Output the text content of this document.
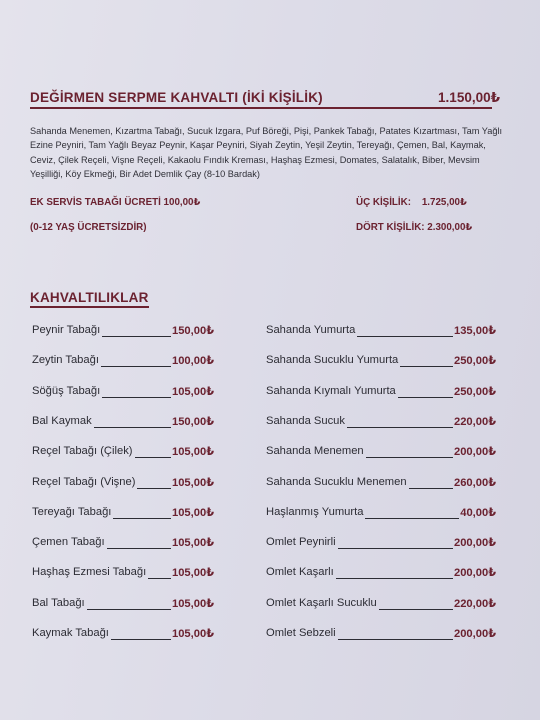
DEĞİRMEN SERPME KAHVALTI (İKİ KİŞİLİK)	1.150,00₺
Sahanda Menemen, Kızartma Tabağı, Sucuk Izgara, Puf Böreği, Pişi, Pankek Tabağı, Patates Kızartması, Tam Yağlı Ezine Peyniri, Tam Yağlı Beyaz Peynir, Kaşar Peyniri, Siyah Zeytin, Yeşil Zeytin, Tereyağı, Çemen, Bal, Kaymak, Ceviz, Çilek Reçeli, Vişne Reçeli, Kakaolu Fındık Kreması, Haşhaş Ezmesi, Domates, Salatalık, Biber, Mevsim Yeşilliği, Köy Ekmeği, Bir Adet Demlik Çay (8-10 Bardak)
EK SERVİS TABAĞI ÜCRETİ 100,00₺
(0-12 YAŞ ÜCRETSİZDİR)
ÜÇ KİŞİLİK:    1.725,00₺
DÖRT KİŞİLİK: 2.300,00₺
KAHVALTILIKLAR
Peynir Tabağı	150,00₺
Zeytin Tabağı	100,00₺
Söğüş Tabağı	105,00₺
Bal Kaymak	150,00₺
Reçel Tabağı (Çilek)	105,00₺
Reçel Tabağı (Vişne)	105,00₺
Tereyağı Tabağı	105,00₺
Çemen Tabağı	105,00₺
Haşhaş Ezmesi Tabağı 105,00₺
Bal Tabağı	105,00₺
Kaymak Tabağı	105,00₺
Sahanda Yumurta	135,00₺
Sahanda Sucuklu Yumurta	250,00₺
Sahanda Kıymalı Yumurta	250,00₺
Sahanda Sucuk	220,00₺
Sahanda Menemen	200,00₺
Sahanda Sucuklu Menemen	260,00₺
Haşlanmış Yumurta	40,00₺
Omlet Peynirli	200,00₺
Omlet Kaşarlı	200,00₺
Omlet Kaşarlı Sucuklu	220,00₺
Omlet Sebzeli	200,00₺
